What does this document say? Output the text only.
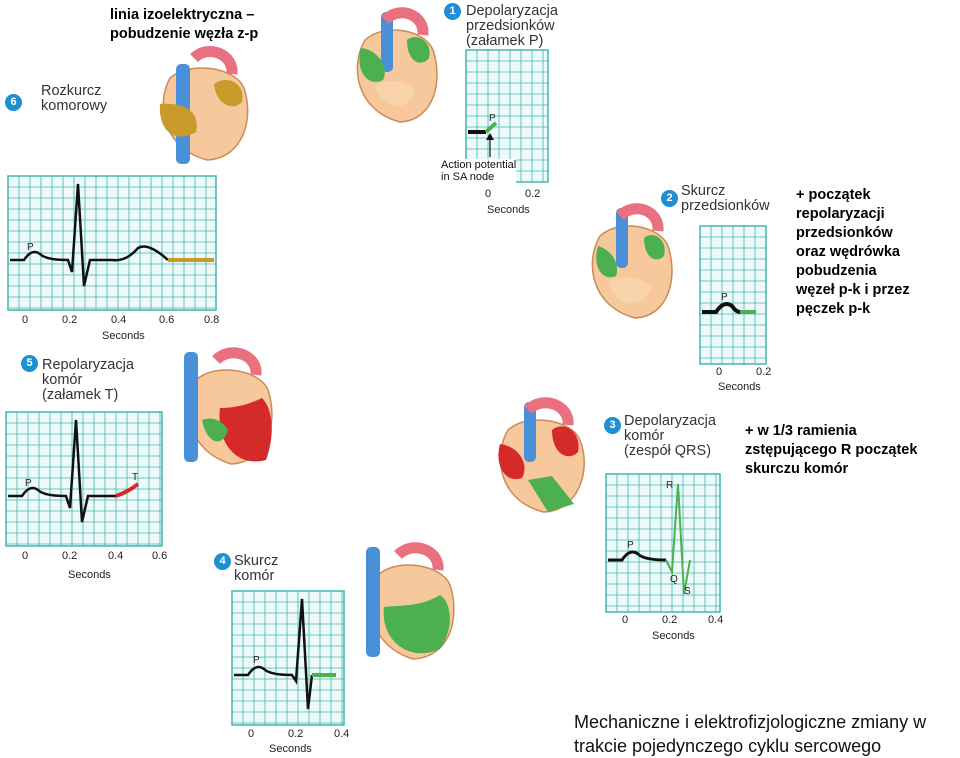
linia izoelektryczna –
pobudzenie węzła z-p
+ początek
repolaryzacji
przedsionków
oraz wędrówka
pobudzenia
węzeł p-k i przez
pęczek p-k
+ w 1/3 ramienia
zstępującego R początek
skurczu komór
Mechaniczne i elektrofizjologiczne zmiany w
trakcie pojedynczego cyklu sercowego
1 Depolaryzacja
przedsionków
(załamek P)
P
Action potential
in SA node
0	0.2
Seconds
2 Skurcz
przedsionków
P
0	0.2
Seconds
3 Depolaryzacja
komór
(zespół QRS)
P
R
Q
S
0	0.2	0.4
Seconds
4 Skurcz
komór
P
0	0.2	0.4
Seconds
5 Repolaryzacja
komór
(załamek T)
P
T
0	0.2	0.4	0.6
Seconds
6
Rozkurcz
komorowy
P
0	0.2	0.4	0.6	0.8
Seconds
